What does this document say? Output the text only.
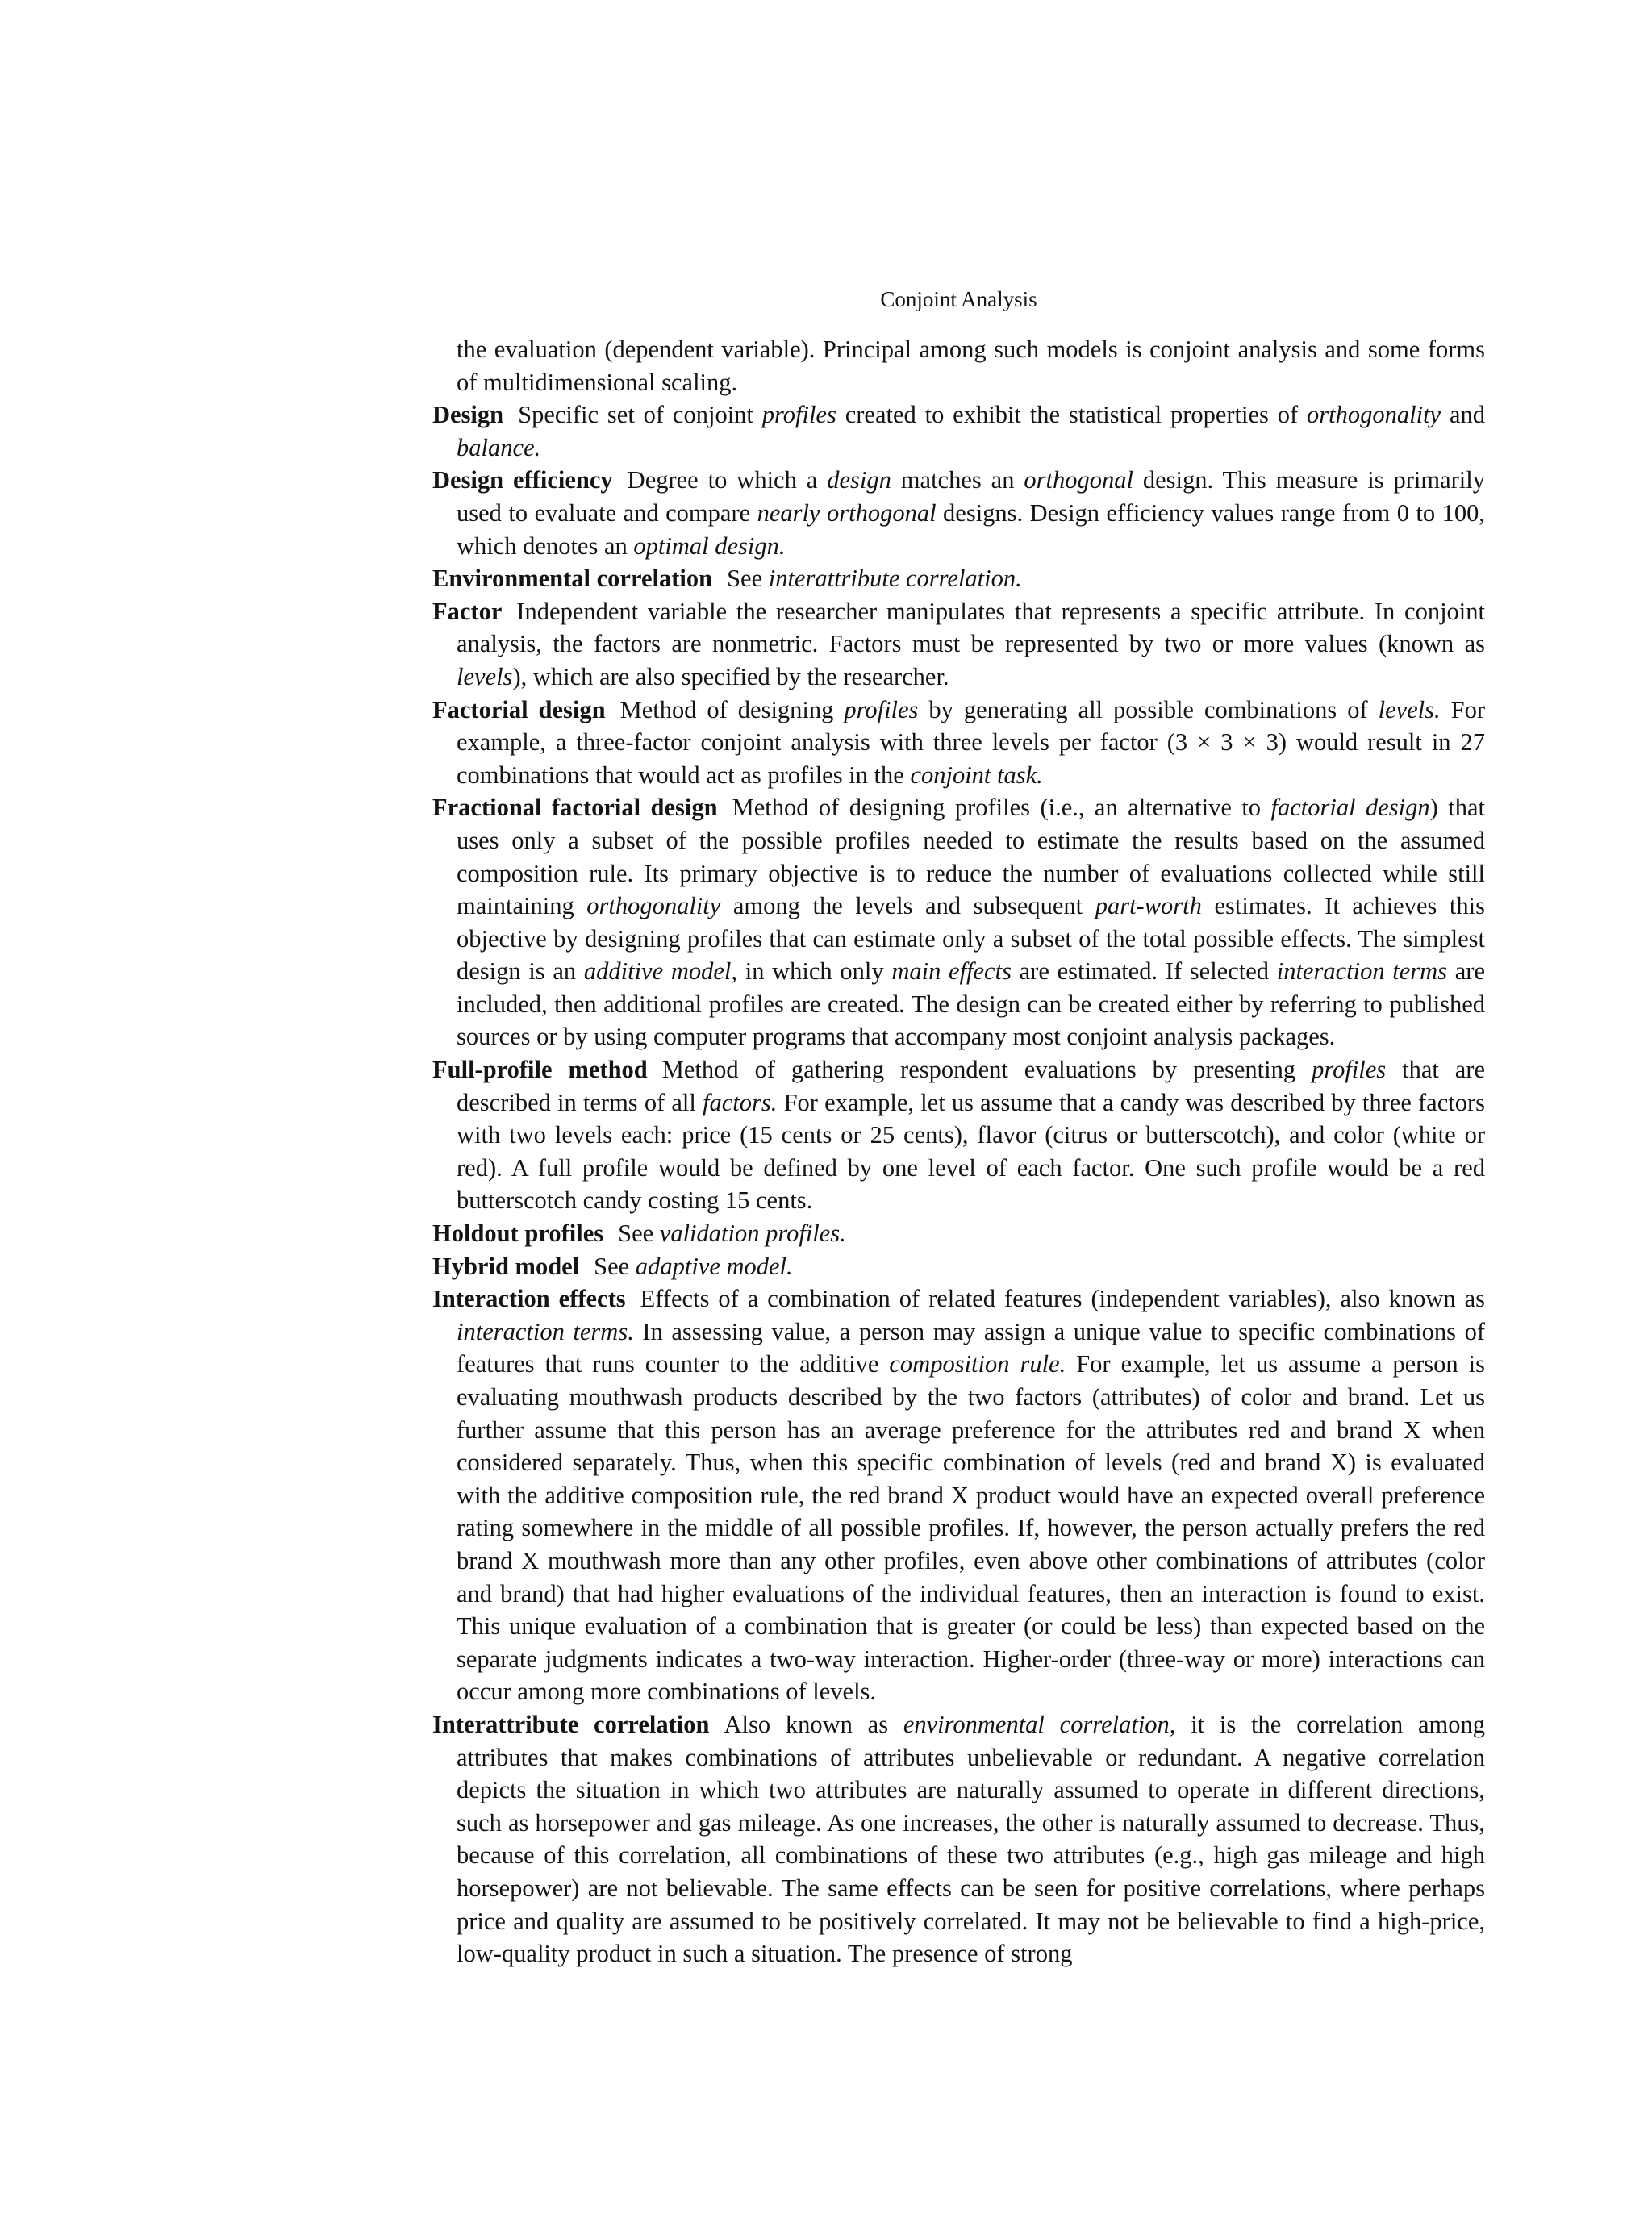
Conjoint Analysis

the evaluation (dependent variable). Principal among such models is conjoint analysis and some forms of multidimensional scaling.

Design Specific set of conjoint profiles created to exhibit the statistical properties of orthogonality and balance.

Design efficiency Degree to which a design matches an orthogonal design. This measure is primarily used to evaluate and compare nearly orthogonal designs. Design efficiency values range from 0 to 100, which denotes an optimal design.

Environmental correlation See interattribute correlation.

Factor Independent variable the researcher manipulates that represents a specific attribute. In conjoint analysis, the factors are nonmetric. Factors must be represented by two or more values (known as levels), which are also specified by the researcher.

Factorial design Method of designing profiles by generating all possible combinations of levels. For example, a three-factor conjoint analysis with three levels per factor (3 × 3 × 3) would result in 27 combinations that would act as profiles in the conjoint task.

Fractional factorial design Method of designing profiles (i.e., an alternative to factorial design) that uses only a subset of the possible profiles needed to estimate the results based on the assumed composition rule. Its primary objective is to reduce the number of evaluations collected while still maintaining orthogonality among the levels and subsequent part-worth estimates. It achieves this objective by designing profiles that can estimate only a subset of the total possible effects. The simplest design is an additive model, in which only main effects are estimated. If selected interaction terms are included, then additional profiles are created. The design can be created either by referring to published sources or by using computer programs that accompany most conjoint analysis packages.

Full-profile method Method of gathering respondent evaluations by presenting profiles that are described in terms of all factors. For example, let us assume that a candy was described by three factors with two levels each: price (15 cents or 25 cents), flavor (citrus or butterscotch), and color (white or red). A full profile would be defined by one level of each factor. One such profile would be a red butterscotch candy costing 15 cents.

Holdout profiles See validation profiles.

Hybrid model See adaptive model.

Interaction effects Effects of a combination of related features (independent variables), also known as interaction terms. In assessing value, a person may assign a unique value to specific combinations of features that runs counter to the additive composition rule. For example, let us assume a person is evaluating mouthwash products described by the two factors (attributes) of color and brand. Let us further assume that this person has an average preference for the attributes red and brand X when considered separately. Thus, when this specific combination of levels (red and brand X) is evaluated with the additive composition rule, the red brand X product would have an expected overall preference rating somewhere in the middle of all possible profiles. If, however, the person actually prefers the red brand X mouthwash more than any other profiles, even above other combinations of attributes (color and brand) that had higher evaluations of the individual features, then an interaction is found to exist. This unique evaluation of a combination that is greater (or could be less) than expected based on the separate judgments indicates a two-way interaction. Higher-order (three-way or more) interactions can occur among more combinations of levels.

Interattribute correlation Also known as environmental correlation, it is the correlation among attributes that makes combinations of attributes unbelievable or redundant. A negative correlation depicts the situation in which two attributes are naturally assumed to operate in different directions, such as horsepower and gas mileage. As one increases, the other is naturally assumed to decrease. Thus, because of this correlation, all combinations of these two attributes (e.g., high gas mileage and high horsepower) are not believable. The same effects can be seen for positive correlations, where perhaps price and quality are assumed to be positively correlated. It may not be believable to find a high-price, low-quality product in such a situation. The presence of strong
